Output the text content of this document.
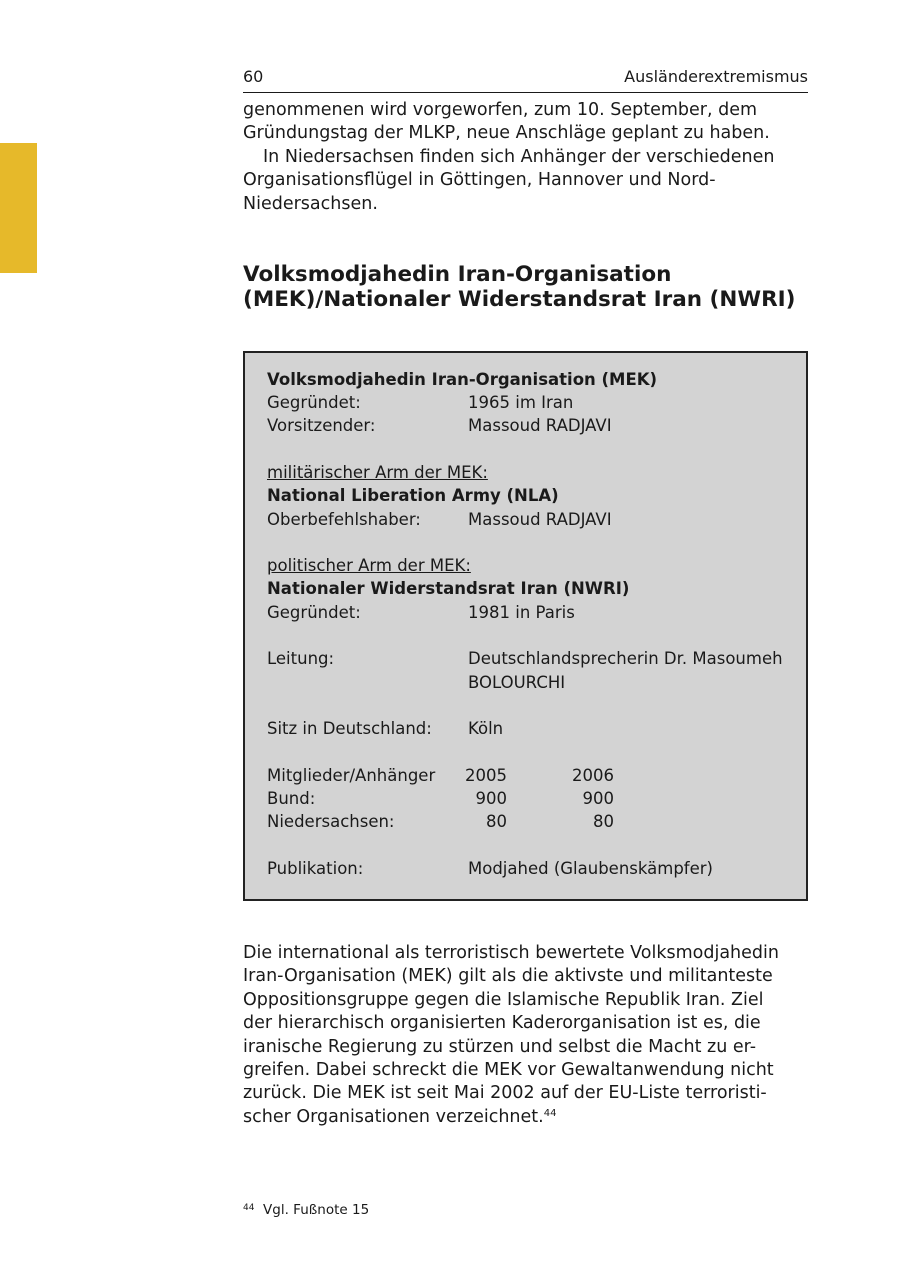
60	Ausländerextremismus

genommenen wird vorgeworfen, zum 10. September, dem
Gründungstag der MLKP, neue Anschläge geplant zu haben.

In Niedersachsen finden sich Anhänger der verschiedenen
Organisationsflügel in Göttingen, Hannover und Nord-
Niedersachsen.

Volksmodjahedin Iran-Organisation
(MEK)/Nationaler Widerstandsrat Iran (NWRI)
Volksmodjahedin Iran-Organisation (MEK)
Gegründet:	1965 im Iran
Vorsitzender:	Massoud RADJAVI
militärischer Arm der MEK:
National Liberation Army (NLA)
Oberbefehlshaber:	Massoud RADJAVI
politischer Arm der MEK:
Nationaler Widerstandsrat Iran (NWRI)
Gegründet:	1981 in Paris
Leitung:	Deutschlandsprecherin Dr. Masoumeh
BOLOURCHI
Sitz in Deutschland: Köln
Mitglieder/Anhänger 2005	2006
Bund:	900	900
Niedersachsen:	80	80
Publikation:	Modjahed (Glaubenskämpfer)

Die international als terroristisch bewertete Volksmodjahedin
Iran-Organisation (MEK) gilt als die aktivste und militanteste
Oppositionsgruppe gegen die Islamische Republik Iran. Ziel
der hierarchisch organisierten Kaderorganisation ist es, die
iranische Regierung zu stürzen und selbst die Macht zu er-
greifen. Dabei schreckt die MEK vor Gewaltanwendung nicht
zurück. Die MEK ist seit Mai 2002 auf der EU-Liste terroristi-
scher Organisationen verzeichnet.$^{44}$

$^{44}$ Vgl. Fußnote 15
